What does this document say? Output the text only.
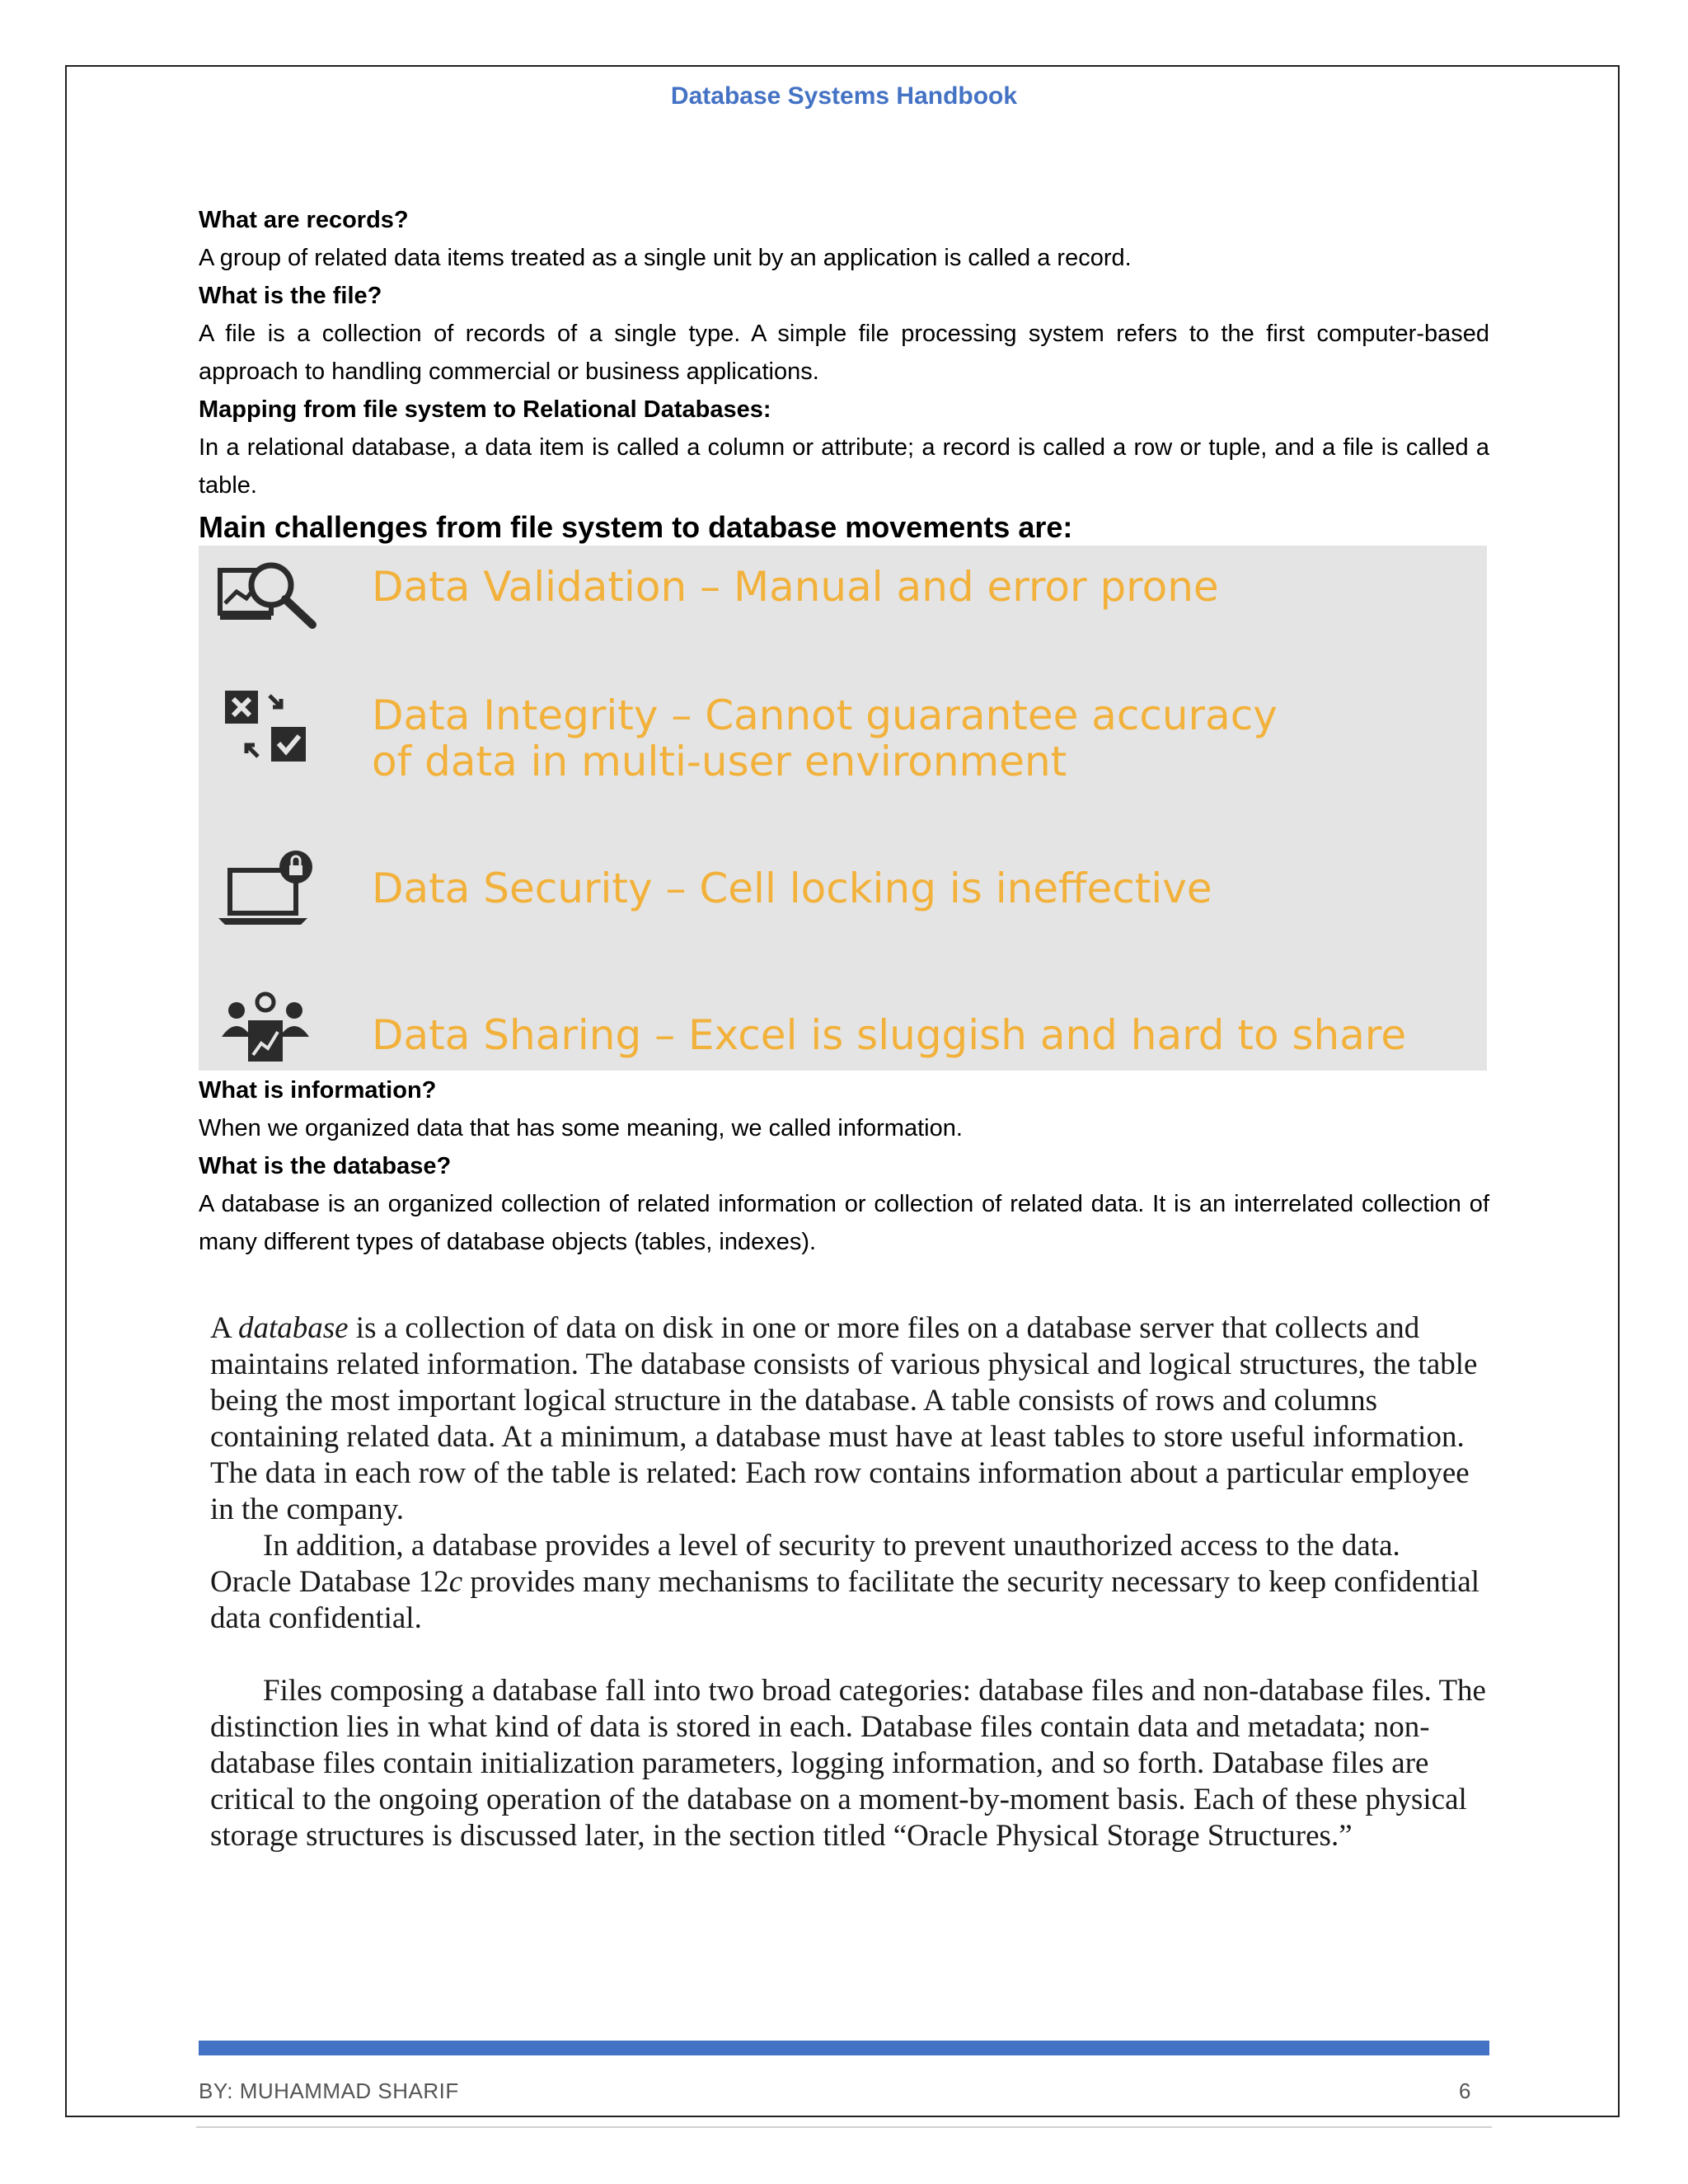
Database Systems Handbook

What are records?

A group of related data items treated as a single unit by an application is called a record.

What is the file?

A file is a collection of records of a single type. A simple file processing system refers to the first computer-based approach to handling commercial or business applications.

Mapping from file system to Relational Databases:

In a relational database, a data item is called a column or attribute; a record is called a row or tuple, and a file is called a table.

Main challenges from file system to database movements are:

Data Validation – Manual and error prone
Data Integrity – Cannot guarantee accuracy
of data in multi-user environment
Data Security – Cell locking is ineffective
Data Sharing – Excel is sluggish and hard to share

What is information?

When we organized data that has some meaning, we called information.

What is the database?

A database is an organized collection of related information or collection of related data. It is an interrelated collection of many different types of database objects (tables, indexes).

A database is a collection of data on disk in one or more files on a database server that collects and maintains related information. The database consists of various physical and logical structures, the table being the most important logical structure in the database. A table consists of rows and columns containing related data. At a minimum, a database must have at least tables to store useful information.

The data in each row of the table is related: Each row contains information about a particular employee in the company.

In addition, a database provides a level of security to prevent unauthorized access to the data. Oracle Database 12c provides many mechanisms to facilitate the security necessary to keep confidential data confidential.

Files composing a database fall into two broad categories: database files and non-database files. The distinction lies in what kind of data is stored in each. Database files contain data and metadata; non-database files contain initialization parameters, logging information, and so forth. Database files are critical to the ongoing operation of the database on a moment-by-moment basis. Each of these physical storage structures is discussed later, in the section titled “Oracle Physical Storage Structures.”

BY: MUHAMMAD SHARIF	6
